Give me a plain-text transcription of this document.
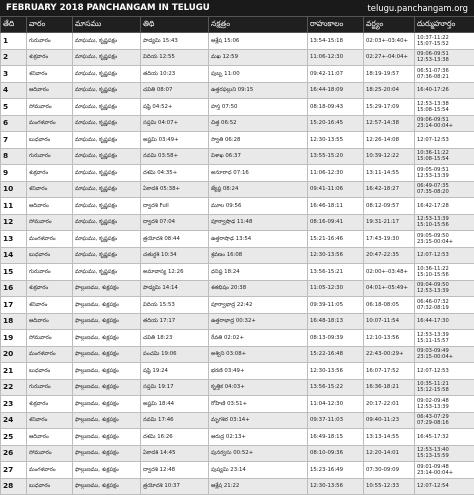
FEBRUARY 2018 PANCHANGAM IN TELUGU	telugu.panchangam.org
తేది	వారం	మాసము	తిథి	నక్షత్రం	రాహుకాలం	వర్జ్యం	దుర్ముహూర్తం
1	గురువారం	మాఘము, కృష్ణపక్షం	పాడ్యమి 15:43	ఆశ్లేష 15:06	13:54-15:18	02:03+-03:40+	10:37-11:22
15:07-15:52

2	శుక్రవారం	మాఘము, కృష్ణపక్షం	విదియ 12:55	మఖ 12:59	11:06-12:30	02:27+-04:04+	09:06-09:51
12:53-13:38

3	శనివారం	మాఘము, కృష్ణపక్షం	తదియ 10:23	పుబ్బ 11:00	09:42-11:07	18:19-19:57	06:51-07:36
07:36-08:21

4	ఆదివారం	మాఘము, కృష్ణపక్షం	చవితి 08:07	ఉత్తరఫల్గుని 09:15	16:44-18:09	18:25-20:04	16:40-17:26

5	సోమవారం	మాఘము, కృష్ణపక్షం	షష్ఠి 04:52+	హస్త 07:50	08:18-09:43	15:29-17:09	12:53-13:38
15:08-15:54

6	మంగళవారం	మాఘము, కృష్ణపక్షం	సప్తమి 04:07+	చిత్త 06:52	15:20-16:45	12:57-14:38	09:06-09:51
23:14-00:04+

7	బుధవారం	మాఘము, కృష్ణపక్షం	అష్టమి 03:49+	స్వాతి 06:28	12:30-13:55	12:26-14:08	12:07-12:53

8	గురువారం	మాఘము, కృష్ణపక్షం	నవమి 03:58+	విశాఖ 06:37	13:55-15:20	10:39-12:22	10:36-11:22
15:08-15:54

9	శుక్రవారం	మాఘము, కృష్ణపక్షం	దశమి 04:35+	అనూరాధ 07:16	11:06-12:30	13:11-14:55	09:05-09:51
12:53-13:39

10	శనివారం	మాఘము, కృష్ణపక్షం	ఏకాదశి 05:38+	జ్యేష్ఠ 08:24	09:41-11:06	16:42-18:27	06:49-07:35
07:35-08:20

11	ఆదివారం	మాఘము, కృష్ణపక్షం	ద్వాదశి Full	మూల 09:56	16:46-18:11	08:12-09:57	16:42-17:28

12	సోమవారం	మాఘము, కృష్ణపక్షం	ద్వాదశి 07:04	పూర్వాషాఢ 11:48	08:16-09:41	19:31-21:17	12:53-13:39
15:10-15:56

13	మంగళవారం	మాఘము, కృష్ణపక్షం	త్రయోదశి 08:44	ఉత్తరాషాఢ 13:54	15:21-16:46	17:43-19:30	09:05-09:50
23:15-00:04+

14	బుధవారం	మాఘము, కృష్ణపక్షం	చతుర్దశి 10:34	శ్రవణం 16:08	12:30-13:56	20:47-22:35	12:07-12:53

15	గురువారం	మాఘము, కృష్ణపక్షం	అమావాస్య 12:26	ధనిష్ఠ 18:24	13:56-15:21	02:00+-03:48+	10:36-11:22
15:10-15:56

16	శుక్రవారం	ఫాల్గుణము, శుక్లపక్షం	పాడ్యమి 14:14	శతభిషం 20:38	11:05-12:30	04:01+-05:49+	09:04-09:50
12:53-13:39

17	శనివారం	ఫాల్గుణము, శుక్లపక్షం	విదియ 15:53	పూర్వాభాద్ర 22:42	09:39-11:05	06:18-08:05	06:46-07:32
07:32-08:19

18	ఆదివారం	ఫాల్గుణము, శుక్లపక్షం	తదియ 17:17	ఉత్తరాభాద్ర 00:32+	16:48-18:13	10:07-11:54	16:44-17:30

19	సోమవారం	ఫాల్గుణము, శుక్లపక్షం	చవితి 18:23	రేవతి 02:02+	08:13-09:39	12:10-13:56	12:53-13:39
15:11-15:57

20	మంగళవారం	ఫాల్గుణము, శుక్లపక్షం	పంచమి 19:06	అశ్విని 03:08+	15:22-16:48	22:43-00:29+	09:03-09:49
23:15-00:04+

21	బుధవారం	ఫాల్గుణము, శుక్లపక్షం	షష్ఠి 19:24	భరణి 03:49+	12:30-13:56	16:07-17:52	12:07-12:53

22	గురువారం	ఫాల్గుణము, శుక్లపక్షం	సప్తమి 19:17	కృత్తిక 04:03+	13:56-15:22	16:36-18:21	10:35-11:21
15:12-15:58

23	శుక్రవారం	ఫాల్గుణము, శుక్లపక్షం	అష్టమి 18:44	రోహిణి 03:51+	11:04-12:30	20:17-22:01	09:02-09:48
12:53-13:39

24	శనివారం	ఫాల్గుణము, శుక్లపక్షం	నవమి 17:46	మృగశిర 03:14+	09:37-11:03	09:40-11:23	06:43-07:29
07:29-08:16

25	ఆదివారం	ఫాల్గుణము, శుక్లపక్షం	దశమి 16:26	ఆరుద్ర 02:13+	16:49-18:15	13:13-14:55	16:45-17:32

26	సోమవారం	ఫాల్గుణము, శుక్లపక్షం	ఏకాదశి 14:45	పునర్వసు 00:52+	08:10-09:36	12:20-14:01	12:53-13:40
15:13-15:59

27	మంగళవారం	ఫాల్గుణము, శుక్లపక్షం	ద్వాదశి 12:48	పుష్యమి 23:14	15:23-16:49	07:30-09:09	09:01-09:48
23:14-00:04+

28	బుధవారం	ఫాల్గుణము, శుక్లపక్షం	త్రయోదశి 10:37	ఆశ్లేష 21:22	12:30-13:56	10:55-12:33	12:07-12:54
